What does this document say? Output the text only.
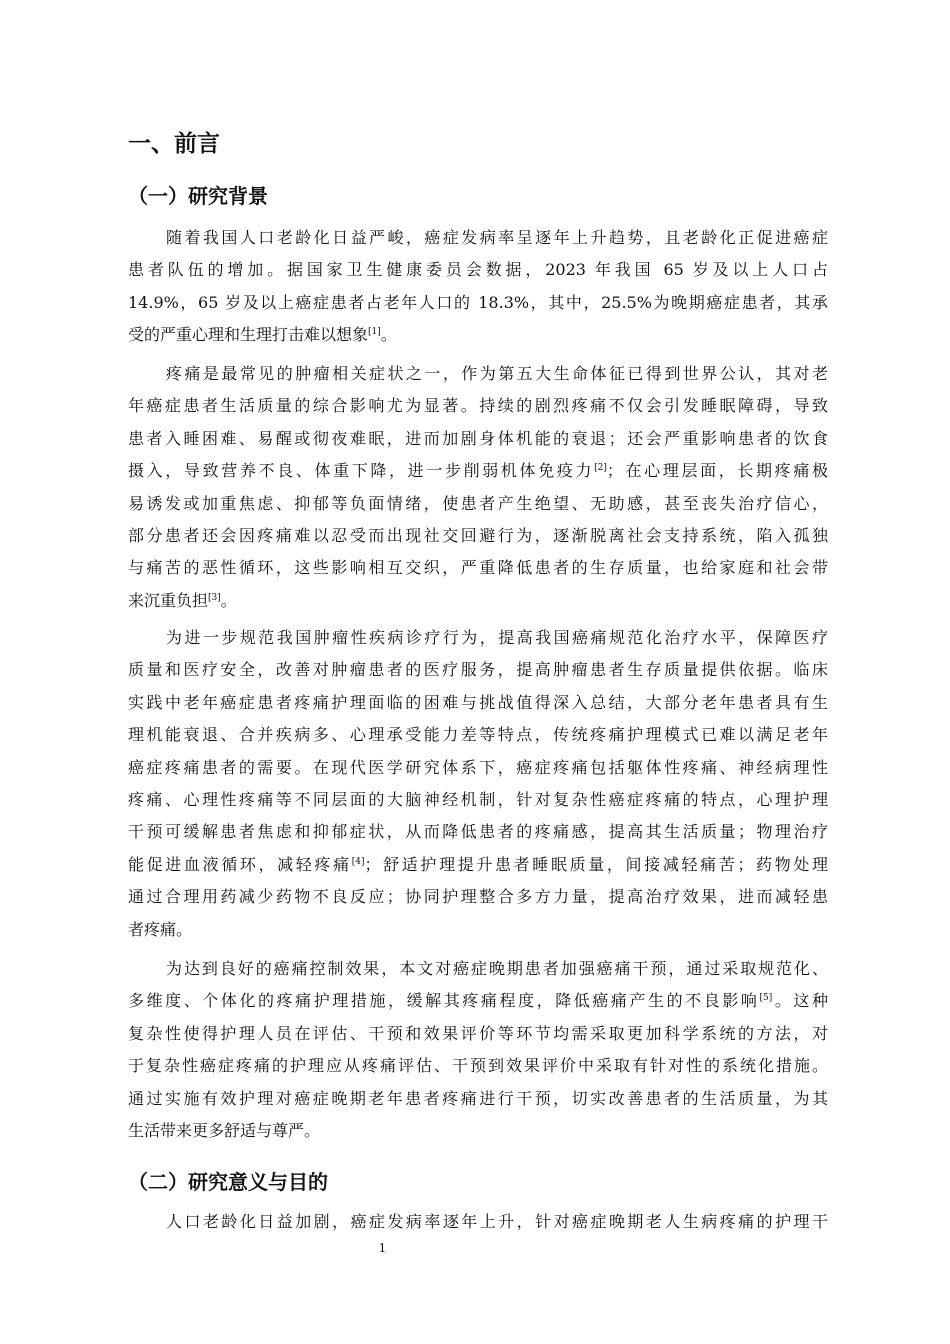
一、前言
（一）研究背景
随着我国人口老龄化日益严峻，癌症发病率呈逐年上升趋势，且老龄化正促进癌症
患者队伍的增加。据国家卫生健康委员会数据，2023 年我国 65 岁及以上人口占
14.9%，65 岁及以上癌症患者占老年人口的 18.3%，其中，25.5%为晚期癌症患者，其承
受的严重心理和生理打击难以想象[1]。
疼痛是最常见的肿瘤相关症状之一，作为第五大生命体征已得到世界公认，其对老
年癌症患者生活质量的综合影响尤为显著。持续的剧烈疼痛不仅会引发睡眠障碍，导致
患者入睡困难、易醒或彻夜难眠，进而加剧身体机能的衰退；还会严重影响患者的饮食
摄入，导致营养不良、体重下降，进一步削弱机体免疫力[2]；在心理层面，长期疼痛极
易诱发或加重焦虑、抑郁等负面情绪，使患者产生绝望、无助感，甚至丧失治疗信心，
部分患者还会因疼痛难以忍受而出现社交回避行为，逐渐脱离社会支持系统，陷入孤独
与痛苦的恶性循环，这些影响相互交织，严重降低患者的生存质量，也给家庭和社会带
来沉重负担[3]。
为进一步规范我国肿瘤性疾病诊疗行为，提高我国癌痛规范化治疗水平，保障医疗
质量和医疗安全，改善对肿瘤患者的医疗服务，提高肿瘤患者生存质量提供依据。临床
实践中老年癌症患者疼痛护理面临的困难与挑战值得深入总结，大部分老年患者具有生
理机能衰退、合并疾病多、心理承受能力差等特点，传统疼痛护理模式已难以满足老年
癌症疼痛患者的需要。在现代医学研究体系下，癌症疼痛包括躯体性疼痛、神经病理性
疼痛、心理性疼痛等不同层面的大脑神经机制，针对复杂性癌症疼痛的特点，心理护理
干预可缓解患者焦虑和抑郁症状，从而降低患者的疼痛感，提高其生活质量；物理治疗
能促进血液循环，减轻疼痛[4]；舒适护理提升患者睡眠质量，间接减轻痛苦；药物处理
通过合理用药减少药物不良反应；协同护理整合多方力量，提高治疗效果，进而减轻患
者疼痛。
为达到良好的癌痛控制效果，本文对癌症晚期患者加强癌痛干预，通过采取规范化、
多维度、个体化的疼痛护理措施，缓解其疼痛程度，降低癌痛产生的不良影响[5]。这种
复杂性使得护理人员在评估、干预和效果评价等环节均需采取更加科学系统的方法，对
于复杂性癌症疼痛的护理应从疼痛评估、干预到效果评价中采取有针对性的系统化措施。
通过实施有效护理对癌症晚期老年患者疼痛进行干预，切实改善患者的生活质量，为其
生活带来更多舒适与尊严。
（二）研究意义与目的
人口老龄化日益加剧，癌症发病率逐年上升，针对癌症晚期老人生病疼痛的护理干
1
